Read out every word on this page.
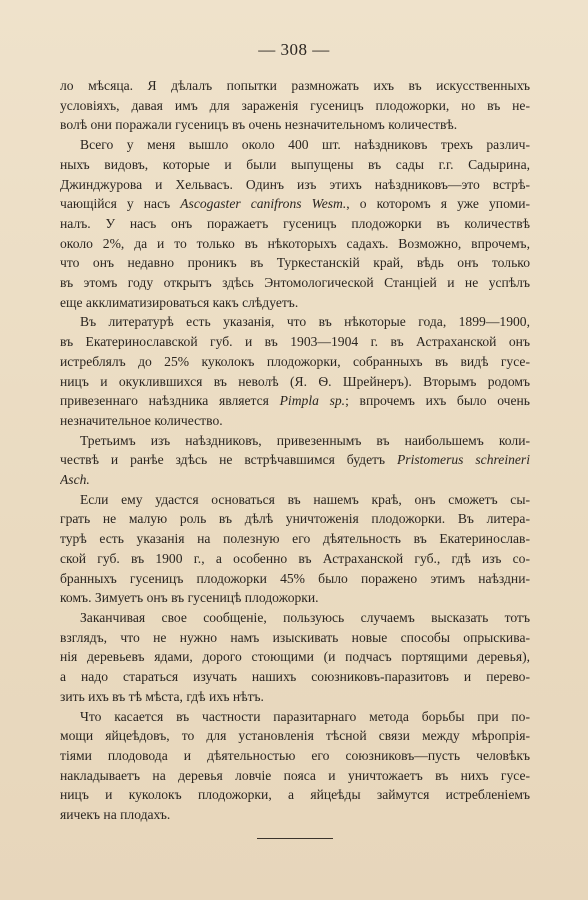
— 308 —
ло мѣсяца. Я дѣлалъ попытки размножать ихъ въ искусственныхъ
условіяхъ, давая имъ для зараженія гусеницъ плодожорки, но въ не-
волѣ они поражали гусеницъ въ очень незначительномъ количествѣ.
Всего у меня вышло около 400 шт. наѣздниковъ трехъ различ-
ныхъ видовъ, которые и были выпущены въ сады г.г. Садырина,
Джинджурова и Хельвасъ. Одинъ изъ этихъ наѣздниковъ—это встрѣ-
чающійся у насъ Ascogaster canifrons Wesm., о которомъ я уже упоми-
налъ. У насъ онъ поражаетъ гусеницъ плодожорки въ количествѣ
около 2%, да и то только въ нѣкоторыхъ садахъ. Возможно, впрочемъ,
что онъ недавно проникъ въ Туркестанскій край, вѣдь онъ только
въ этомъ году открытъ здѣсь Энтомологической Станціей и не успѣлъ
еще акклиматизироваться какъ слѣдуетъ.
Въ литературѣ есть указанія, что въ нѣкоторые года, 1899—1900,
въ Екатеринославской губ. и въ 1903—1904 г. въ Астраханской онъ
истреблялъ до 25% куколокъ плодожорки, собранныхъ въ видѣ гусе-
ницъ и окуклившихся въ неволѣ (Я. Ѳ. Шрейнеръ). Вторымъ родомъ
привезеннаго наѣздника является Pimpla sp.; впрочемъ ихъ было очень
незначительное количество.
Третьимъ изъ наѣздниковъ, привезеннымъ въ наибольшемъ коли-
чествѣ и ранѣе здѣсь не встрѣчавшимся будетъ Pristomerus schreineri
Asch.
Если ему удастся основаться въ нашемъ краѣ, онъ сможетъ сы-
грать не малую роль въ дѣлѣ уничтоженія плодожорки. Въ литера-
турѣ есть указанія на полезную его дѣятельность въ Екатеринослав-
ской губ. въ 1900 г., а особенно въ Астраханской губ., гдѣ изъ со-
бранныхъ гусеницъ плодожорки 45% было поражено этимъ наѣздни-
комъ. Зимуетъ онъ въ гусеницѣ плодожорки.
Заканчивая свое сообщеніе, пользуюсь случаемъ высказать тотъ
взглядъ, что не нужно намъ изыскивать новые способы опрыскива-
нія деревьевъ ядами, дорого стоющими (и подчасъ портящими деревья),
а надо стараться изучать нашихъ союзниковъ-паразитовъ и перево-
зить ихъ въ тѣ мѣста, гдѣ ихъ нѣтъ.
Что касается въ частности паразитарнаго метода борьбы при по-
мощи яйцеѣдовъ, то для установленія тѣсной связи между мѣропрія-
тіями плодовода и дѣятельностью его союзниковъ—пусть человѣкъ
накладываетъ на деревья ловчіе пояса и уничтожаетъ въ нихъ гусе-
ницъ и куколокъ плодожорки, а яйцеѣды займутся истребленіемъ
яичекъ на плодахъ.
